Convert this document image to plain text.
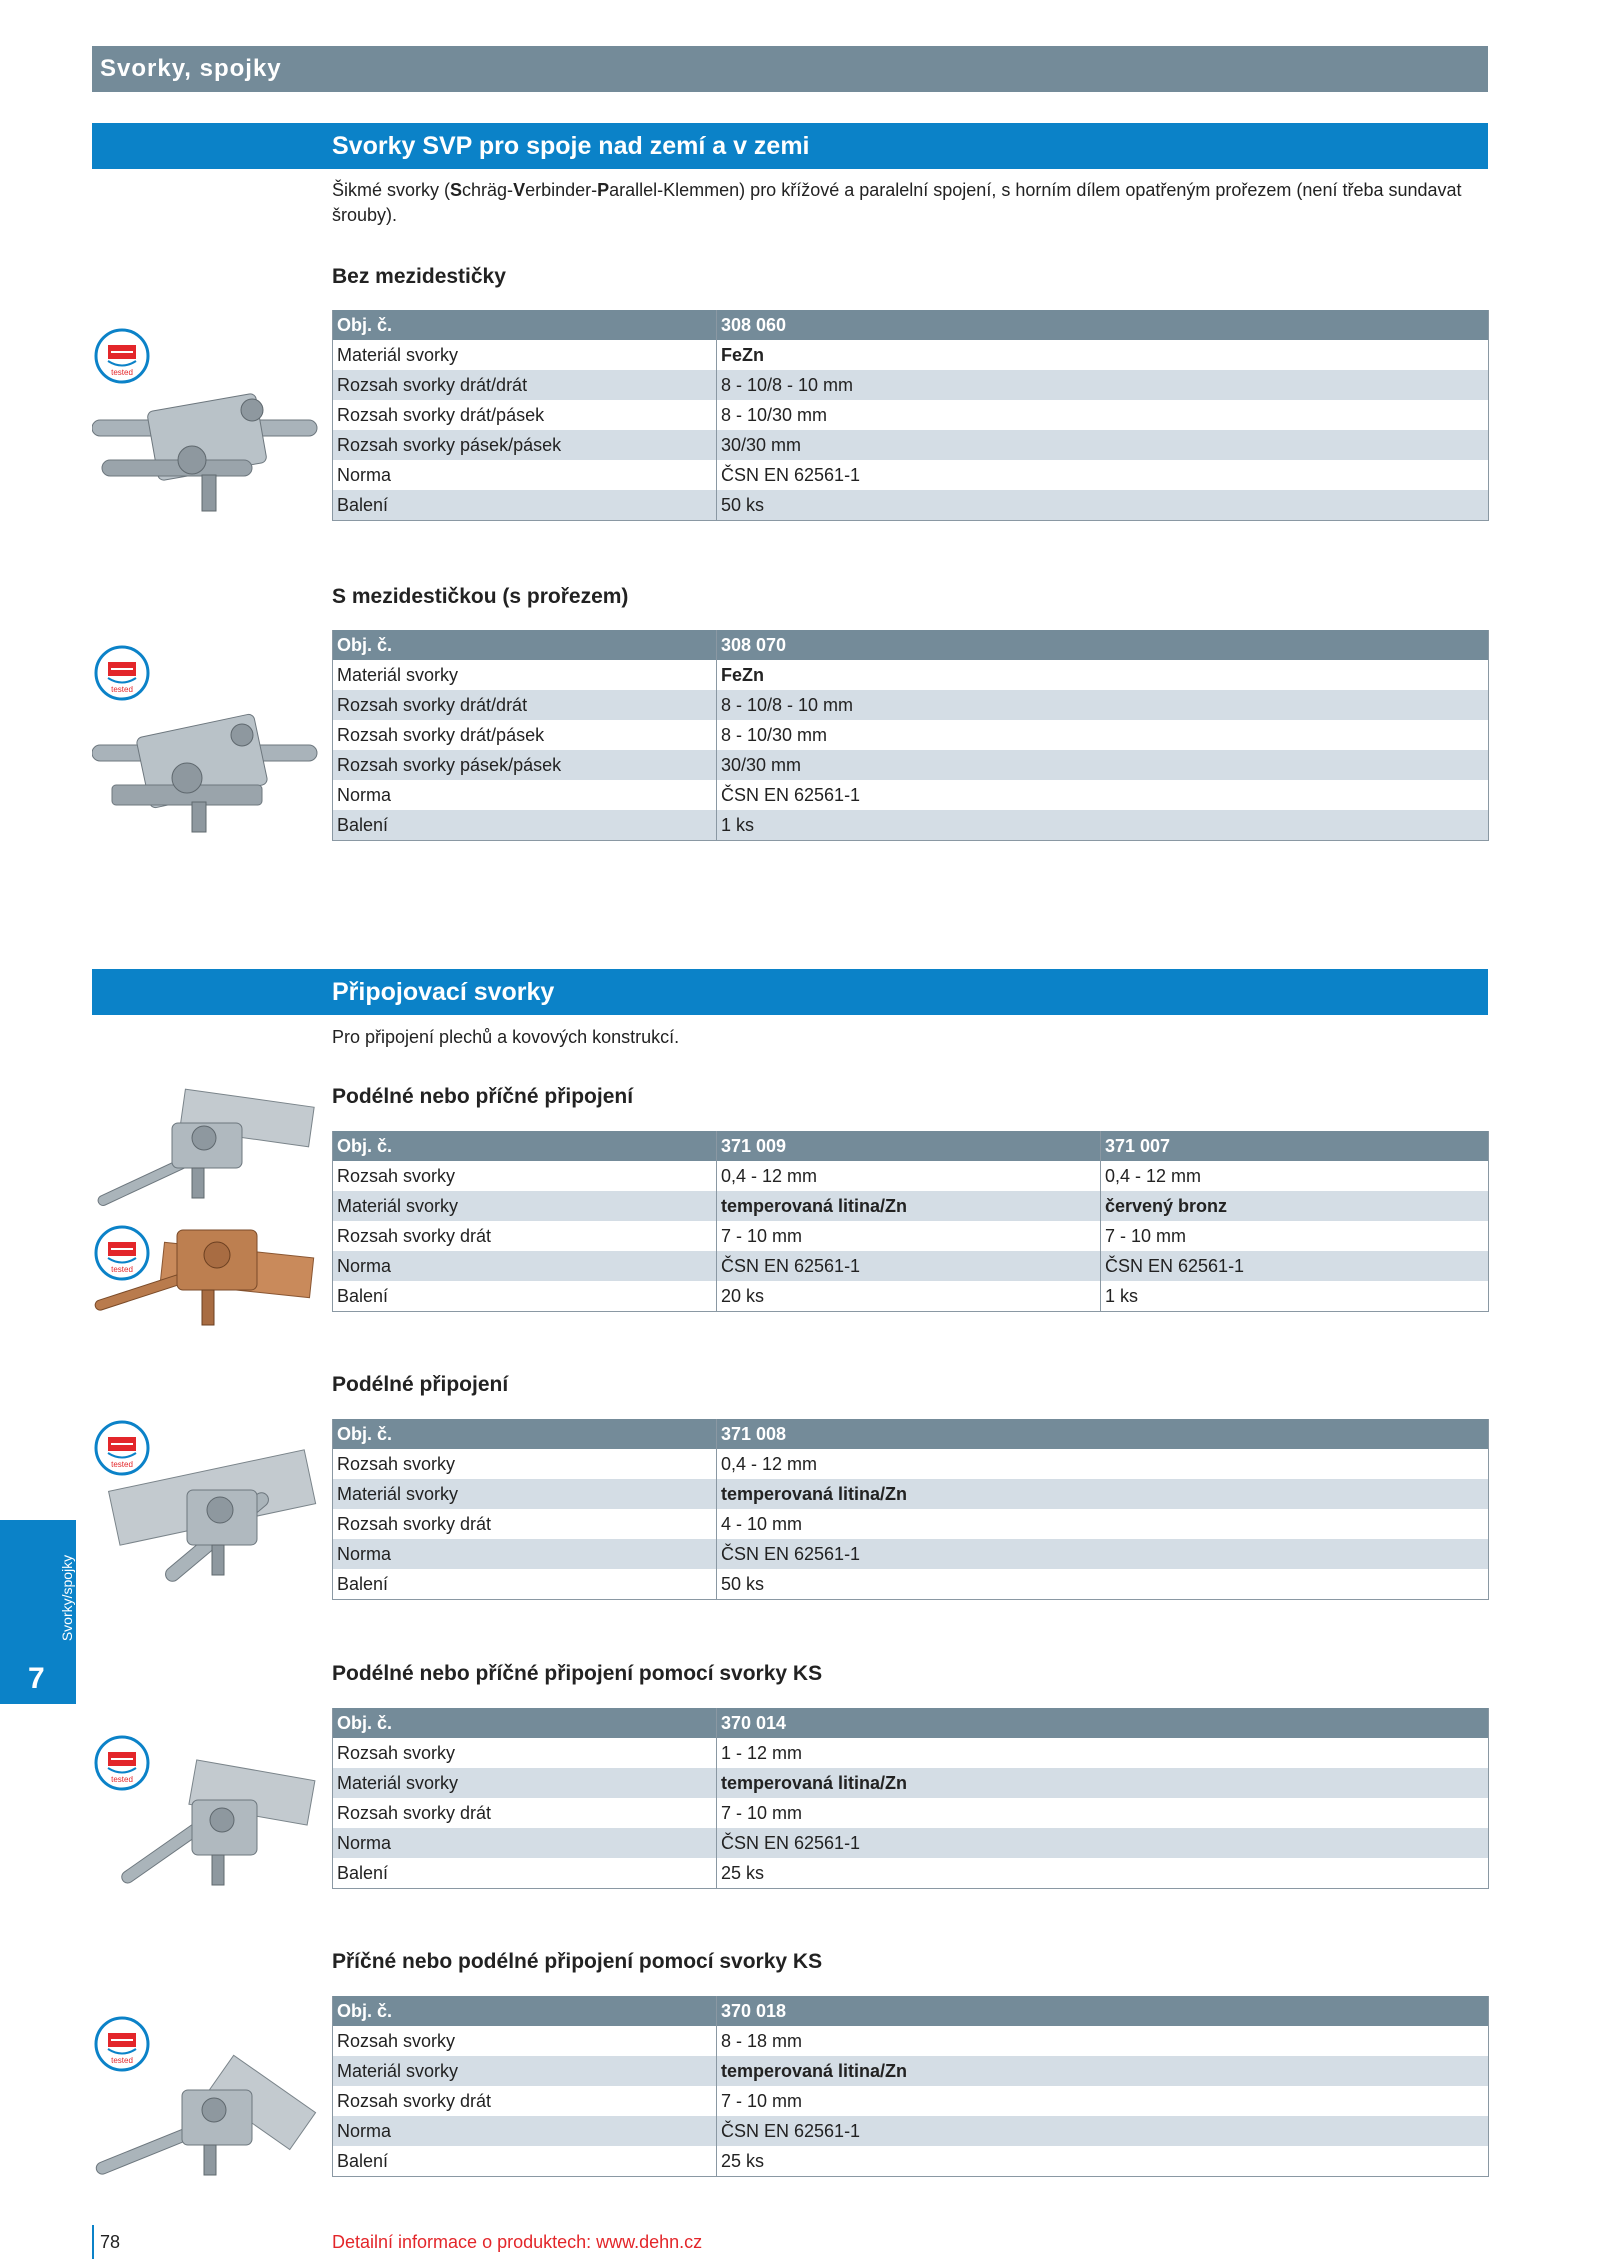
Svorky, spojky
Svorky SVP pro spoje nad zemí a v zemi
Šikmé svorky (Schräg-Verbinder-Parallel-Klemmen) pro křížové a paralelní spojení, s horním dílem opatřeným prořezem (není třeba sundavat
šrouby).
Bez mezidestičky
Obj. č.	308 060
Materiál svorky	FeZn
Rozsah svorky drát/drát	8 - 10/8 - 10 mm
Rozsah svorky drát/pásek	8 - 10/30 mm
Rozsah svorky pásek/pásek	30/30 mm
Norma	ČSN EN 62561-1
Balení	50 ks
S mezidestičkou (s prořezem)
Obj. č.	308 070
Materiál svorky	FeZn
Rozsah svorky drát/drát	8 - 10/8 - 10 mm
Rozsah svorky drát/pásek	8 - 10/30 mm
Rozsah svorky pásek/pásek	30/30 mm
Norma	ČSN EN 62561-1
Balení	1 ks
Připojovací svorky
Pro připojení plechů a kovových konstrukcí.
Podélné nebo příčné připojení
Obj. č.	371 009	371 007
Rozsah svorky	0,4 - 12 mm	0,4 - 12 mm
Materiál svorky	temperovaná litina/Zn	červený bronz
Rozsah svorky drát	7 - 10 mm	7 - 10 mm
Norma	ČSN EN 62561-1	ČSN EN 62561-1
Balení	20 ks	1 ks
Podélné připojení
Obj. č.	371 008
Rozsah svorky	0,4 - 12 mm
Materiál svorky	temperovaná litina/Zn
Rozsah svorky drát	4 - 10 mm
Norma	ČSN EN 62561-1
Balení	50 ks
Podélné nebo příčné připojení pomocí svorky KS
Obj. č.	370 014
Rozsah svorky	1 - 12 mm
Materiál svorky	temperovaná litina/Zn
Rozsah svorky drát	7 - 10 mm
Norma	ČSN EN 62561-1
Balení	25 ks
Příčné nebo podélné připojení pomocí svorky KS
Obj. č.	370 018
Rozsah svorky	8 - 18 mm
Materiál svorky	temperovaná litina/Zn
Rozsah svorky drát	7 - 10 mm
Norma	ČSN EN 62561-1
Balení	25 ks
tested
tested
tested
tested
tested
tested
Svorky/spojky
7
78	Detailní informace o produktech: www.dehn.cz
